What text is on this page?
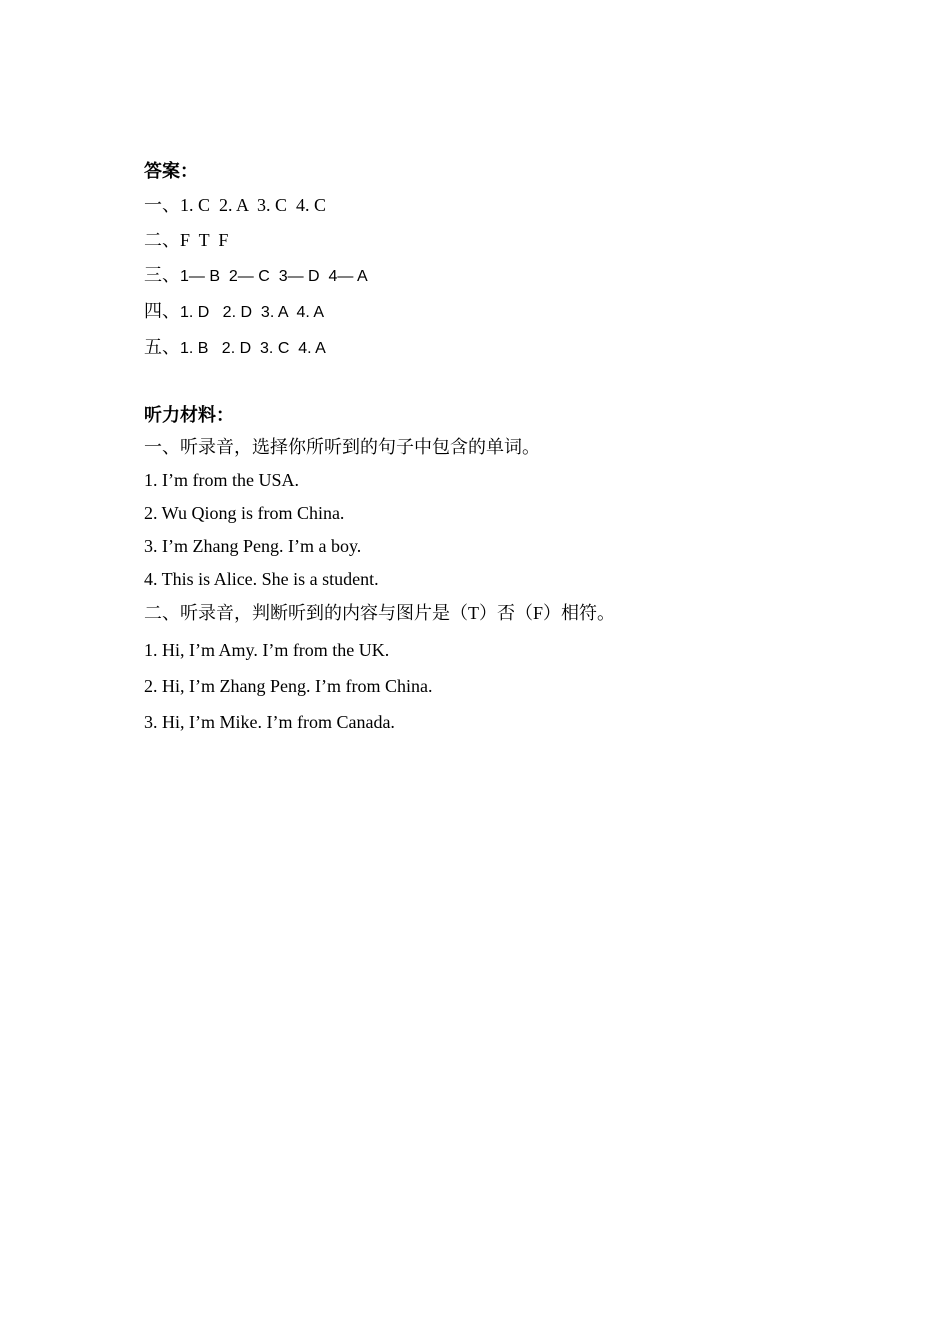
答案：
一、1. C  2. A  3. C  4. C
二、F  T  F
三、1— B  2— C  3— D  4— A
四、1. D   2. D  3. A  4. A
五、1. B   2. D  3. C  4. A
听力材料：
一、听录音，选择你所听到的句子中包含的单词。
1. I’m from the USA.
2. Wu Qiong is from China.
3. I’m Zhang Peng. I’m a boy.
4. This is Alice. She is a student.
二、听录音，判断听到的内容与图片是（T）否（F）相符。
1. Hi, I’m Amy. I’m from the UK.
2. Hi, I’m Zhang Peng. I’m from China.
3. Hi, I’m Mike. I’m from Canada.
